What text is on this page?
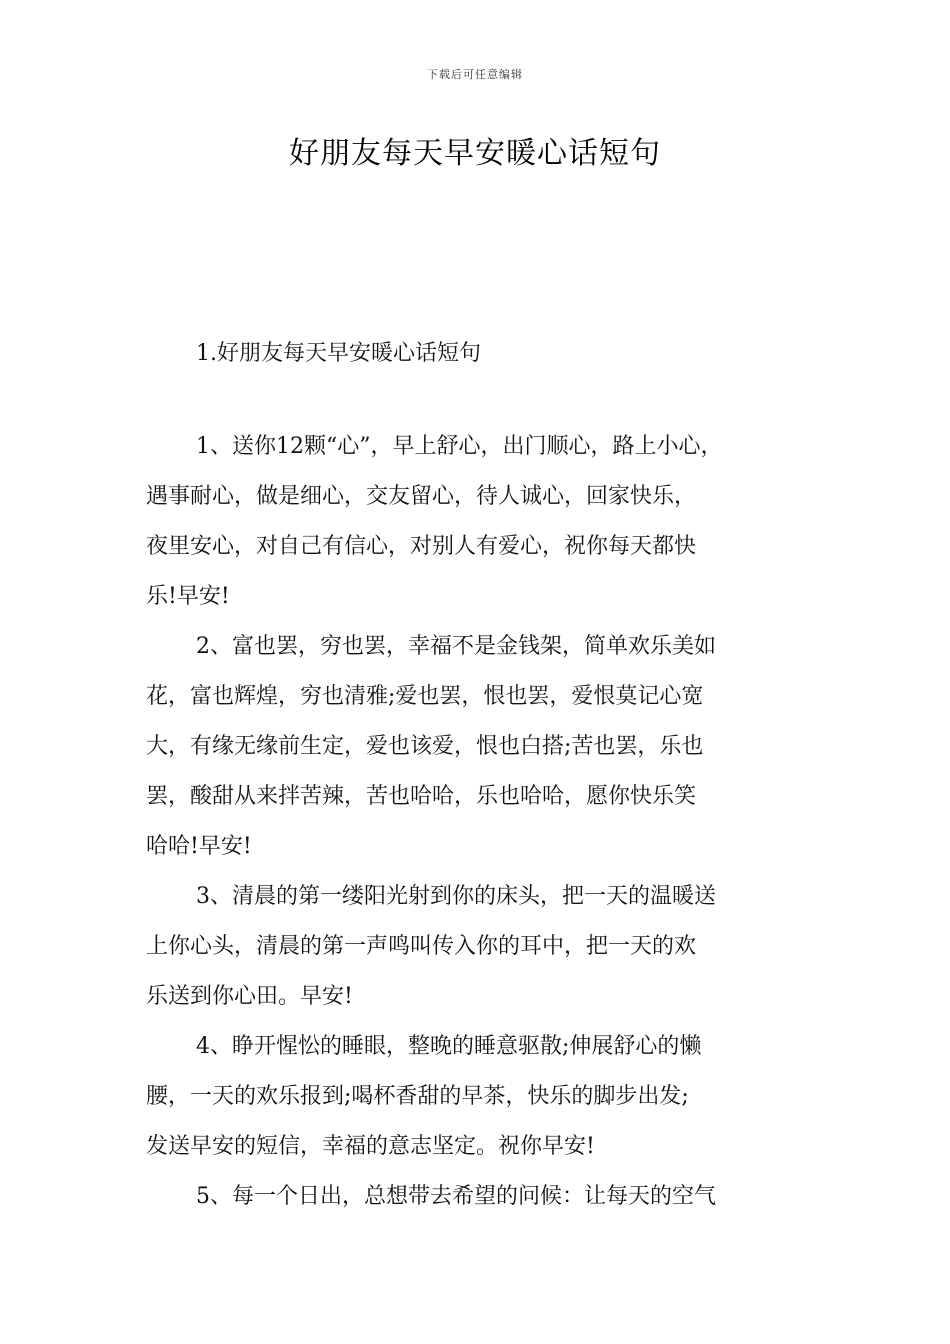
下载后可任意编辑
好朋友每天早安暖心话短句
1.好朋友每天早安暖心话短句

1、送你12颗“心”，早上舒心，出门顺心，路上小心，
遇事耐心，做是细心，交友留心，待人诚心，回家快乐，
夜里安心，对自己有信心，对别人有爱心，祝你每天都快
乐!早安!

2、富也罢，穷也罢，幸福不是金钱架，简单欢乐美如
花，富也辉煌，穷也清雅;爱也罢，恨也罢，爱恨莫记心宽
大，有缘无缘前生定，爱也该爱，恨也白搭;苦也罢，乐也
罢，酸甜从来拌苦辣，苦也哈哈，乐也哈哈，愿你快乐笑
哈哈!早安!

3、清晨的第一缕阳光射到你的床头，把一天的温暖送
上你心头，清晨的第一声鸣叫传入你的耳中，把一天的欢
乐送到你心田。早安!

4、睁开惺忪的睡眼，整晚的睡意驱散;伸展舒心的懒
腰，一天的欢乐报到;喝杯香甜的早茶，快乐的脚步出发;
发送早安的短信，幸福的意志坚定。祝你早安!

5、每一个日出，总想带去希望的问候：让每天的空气
